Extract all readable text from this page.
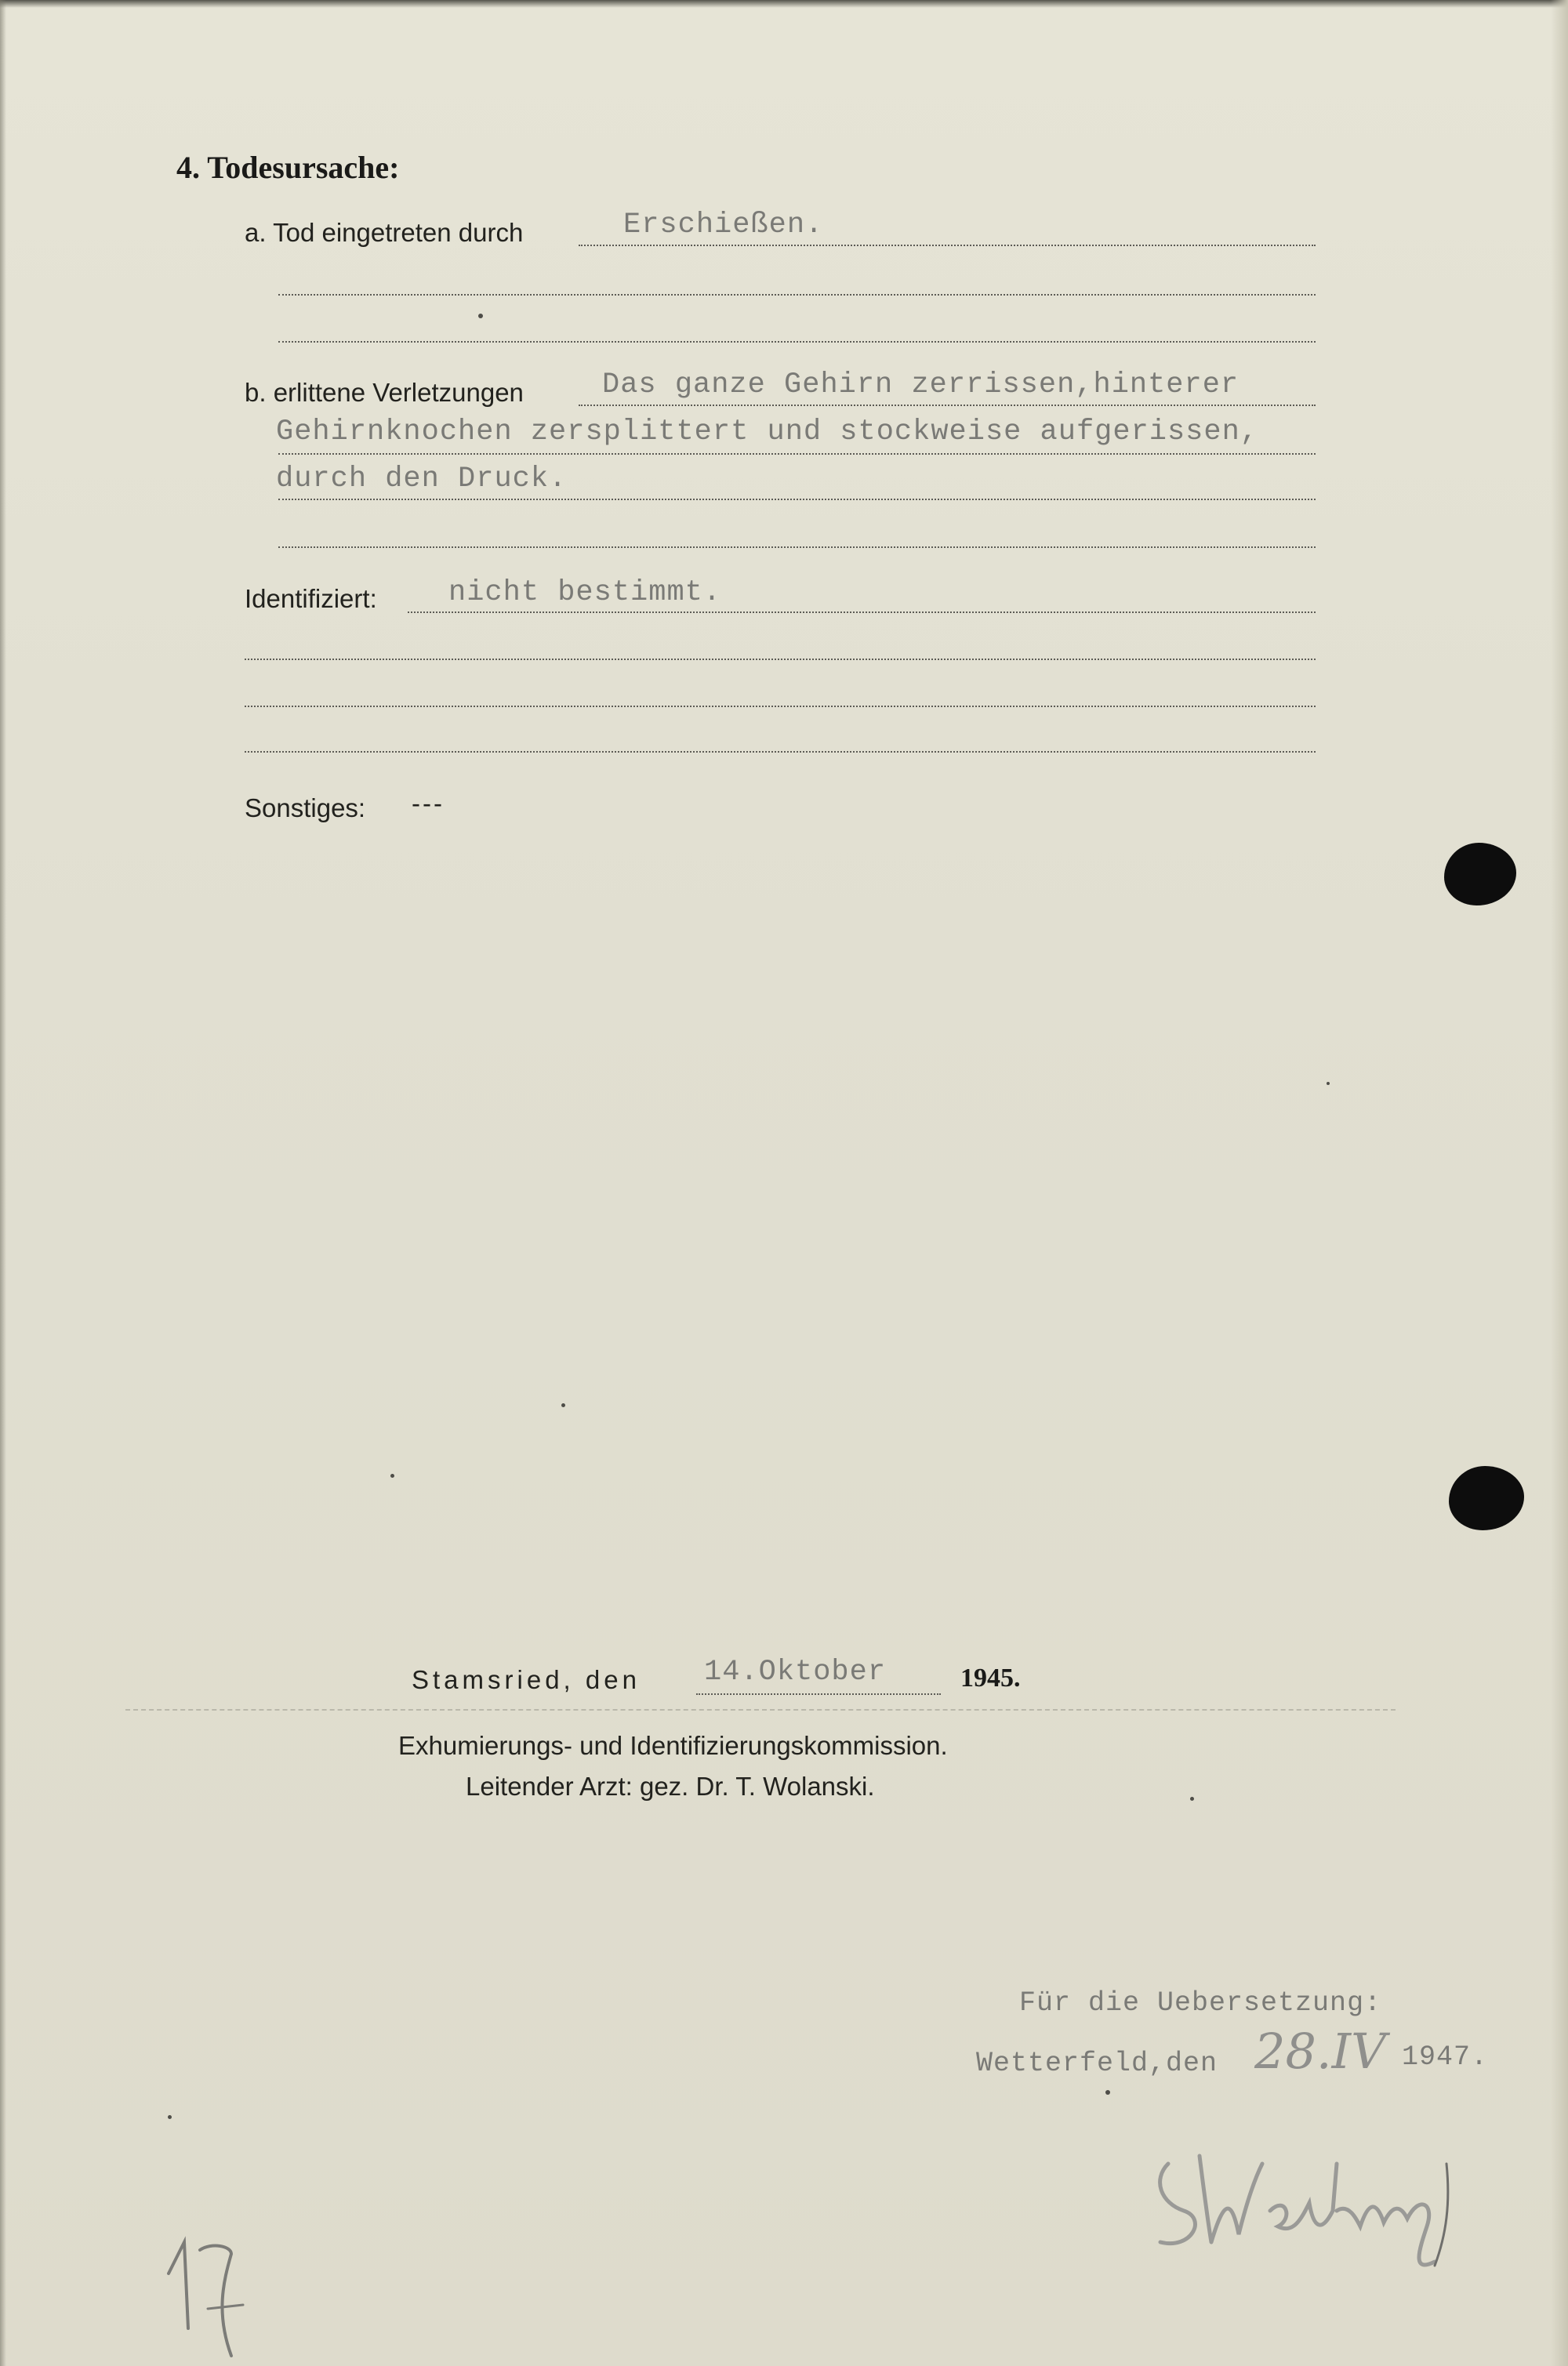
4. Todesursache:
a. Tod eingetreten durch	Erschießen.
b. erlittene Verletzungen	Das ganze Gehirn zerrissen,hinterer
Gehirnknochen zersplittert und stockweise aufgerissen,
durch den Druck.
Identifiziert: nicht bestimmt.
Sonstiges: ---
Stamsried, den 14.Oktober	1945.
Exhumierungs- und Identifizierungskommission.
Leitender Arzt: gez. Dr. T. Wolanski.
Für die Uebersetzung:
Wetterfeld,den 28.IV 1947.
